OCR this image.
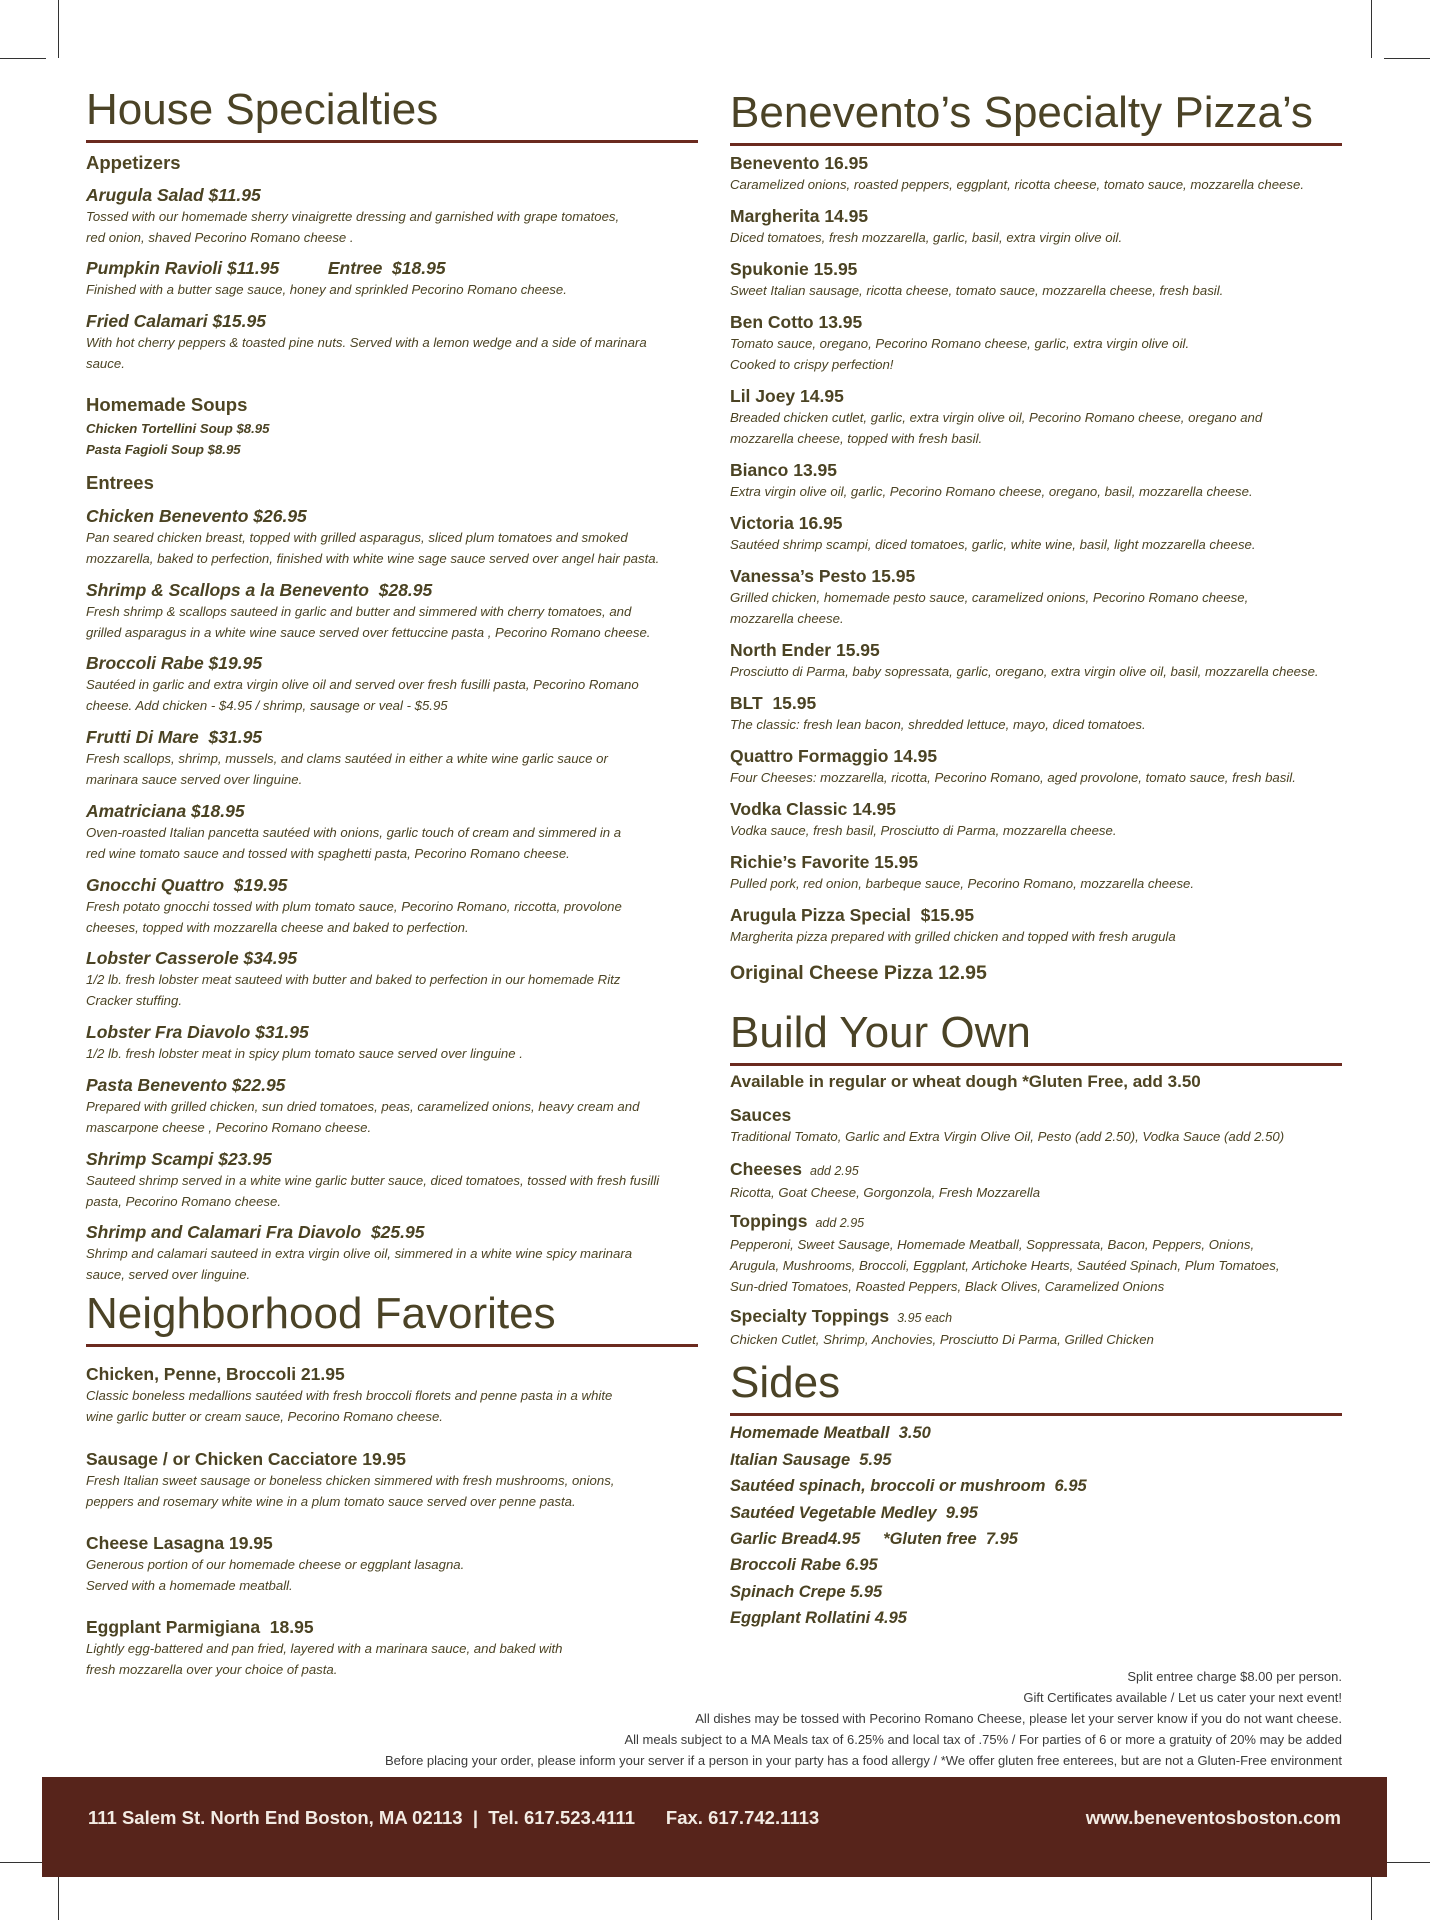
House Specialties
Appetizers
Arugula Salad $11.95
Tossed with our homemade sherry vinaigrette dressing and garnished with grape tomatoes,
red onion, shaved Pecorino Romano cheese .
Pumpkin Ravioli $11.95          Entree  $18.95
Finished with a butter sage sauce, honey and sprinkled Pecorino Romano cheese.
Fried Calamari $15.95
With hot cherry peppers & toasted pine nuts. Served with a lemon wedge and a side of marinara
sauce.
Homemade Soups
Chicken Tortellini Soup $8.95
Pasta Fagioli Soup $8.95
Entrees
Chicken Benevento $26.95
Pan seared chicken breast, topped with grilled asparagus, sliced plum tomatoes and smoked
mozzarella, baked to perfection, finished with white wine sage sauce served over angel hair pasta.
Shrimp & Scallops a la Benevento  $28.95
Fresh shrimp & scallops sauteed in garlic and butter and simmered with cherry tomatoes, and
grilled asparagus in a white wine sauce served over fettuccine pasta , Pecorino Romano cheese.
Broccoli Rabe $19.95
Sautéed in garlic and extra virgin olive oil and served over fresh fusilli pasta, Pecorino Romano
cheese. Add chicken - $4.95 / shrimp, sausage or veal - $5.95
Frutti Di Mare  $31.95
Fresh scallops, shrimp, mussels, and clams sautéed in either a white wine garlic sauce or
marinara sauce served over linguine.
Amatriciana $18.95
Oven-roasted Italian pancetta sautéed with onions, garlic touch of cream and simmered in a
red wine tomato sauce and tossed with spaghetti pasta, Pecorino Romano cheese.
Gnocchi Quattro  $19.95
Fresh potato gnocchi tossed with plum tomato sauce, Pecorino Romano, riccotta, provolone
cheeses, topped with mozzarella cheese and baked to perfection.
Lobster Casserole $34.95
1/2 lb. fresh lobster meat sauteed with butter and baked to perfection in our homemade Ritz
Cracker stuffing.
Lobster Fra Diavolo $31.95
1/2 lb. fresh lobster meat in spicy plum tomato sauce served over linguine .
Pasta Benevento $22.95
Prepared with grilled chicken, sun dried tomatoes, peas, caramelized onions, heavy cream and
mascarpone cheese , Pecorino Romano cheese.
Shrimp Scampi $23.95
Sauteed shrimp served in a white wine garlic butter sauce, diced tomatoes, tossed with fresh fusilli
pasta, Pecorino Romano cheese.
Shrimp and Calamari Fra Diavolo  $25.95
Shrimp and calamari sauteed in extra virgin olive oil, simmered in a white wine spicy marinara
sauce, served over linguine.
Neighborhood Favorites
Chicken, Penne, Broccoli 21.95
Classic boneless medallions sautéed with fresh broccoli florets and penne pasta in a white
wine garlic butter or cream sauce, Pecorino Romano cheese.
Sausage / or Chicken Cacciatore 19.95
Fresh Italian sweet sausage or boneless chicken simmered with fresh mushrooms, onions,
peppers and rosemary white wine in a plum tomato sauce served over penne pasta.
Cheese Lasagna 19.95
Generous portion of our homemade cheese or eggplant lasagna.
Served with a homemade meatball.
Eggplant Parmigiana  18.95
Lightly egg-battered and pan fried, layered with a marinara sauce, and baked with
fresh mozzarella over your choice of pasta.
Benevento’s Specialty Pizza’s
Benevento 16.95
Caramelized onions, roasted peppers, eggplant, ricotta cheese, tomato sauce, mozzarella cheese.
Margherita 14.95
Diced tomatoes, fresh mozzarella, garlic, basil, extra virgin olive oil.
Spukonie 15.95
Sweet Italian sausage, ricotta cheese, tomato sauce, mozzarella cheese, fresh basil.
Ben Cotto 13.95
Tomato sauce, oregano, Pecorino Romano cheese, garlic, extra virgin olive oil.
Cooked to crispy perfection!
Lil Joey 14.95
Breaded chicken cutlet, garlic, extra virgin olive oil, Pecorino Romano cheese, oregano and
mozzarella cheese, topped with fresh basil.
Bianco 13.95
Extra virgin olive oil, garlic, Pecorino Romano cheese, oregano, basil, mozzarella cheese.
Victoria 16.95
Sautéed shrimp scampi, diced tomatoes, garlic, white wine, basil, light mozzarella cheese.
Vanessa’s Pesto 15.95
Grilled chicken, homemade pesto sauce, caramelized onions, Pecorino Romano cheese,
mozzarella cheese.
North Ender 15.95
Prosciutto di Parma, baby sopressata, garlic, oregano, extra virgin olive oil, basil, mozzarella cheese.
BLT  15.95
The classic: fresh lean bacon, shredded lettuce, mayo, diced tomatoes.
Quattro Formaggio 14.95
Four Cheeses: mozzarella, ricotta, Pecorino Romano, aged provolone, tomato sauce, fresh basil.
Vodka Classic 14.95
Vodka sauce, fresh basil, Prosciutto di Parma, mozzarella cheese.
Richie’s Favorite 15.95
Pulled pork, red onion, barbeque sauce, Pecorino Romano, mozzarella cheese.
Arugula Pizza Special  $15.95
Margherita pizza prepared with grilled chicken and topped with fresh arugula
Original Cheese Pizza 12.95
Build Your Own
Available in regular or wheat dough *Gluten Free, add 3.50
Sauces
Traditional Tomato, Garlic and Extra Virgin Olive Oil, Pesto (add 2.50), Vodka Sauce (add 2.50)
Cheeses add 2.95
Ricotta, Goat Cheese, Gorgonzola, Fresh Mozzarella
Toppings add 2.95
Pepperoni, Sweet Sausage, Homemade Meatball, Soppressata, Bacon, Peppers, Onions,
Arugula, Mushrooms, Broccoli, Eggplant, Artichoke Hearts, Sautéed Spinach, Plum Tomatoes,
Sun-dried Tomatoes, Roasted Peppers, Black Olives, Caramelized Onions
Specialty Toppings 3.95 each
Chicken Cutlet, Shrimp, Anchovies, Prosciutto Di Parma, Grilled Chicken
Sides
Homemade Meatball  3.50
Italian Sausage  5.95
Sautéed spinach, broccoli or mushroom  6.95
Sautéed Vegetable Medley  9.95
Garlic Bread4.95     *Gluten free  7.95
Broccoli Rabe 6.95
Spinach Crepe 5.95
Eggplant Rollatini 4.95
Split entree charge $8.00 per person.
Gift Certificates available / Let us cater your next event!
All dishes may be tossed with Pecorino Romano Cheese, please let your server know if you do not want cheese.
All meals subject to a MA Meals tax of 6.25% and local tax of .75% / For parties of 6 or more a gratuity of 20% may be added
Before placing your order, please inform your server if a person in your party has a food allergy / *We offer gluten free enterees, but are not a Gluten-Free environment
111 Salem St. North End Boston, MA 02113  |  Tel. 617.523.4111      Fax. 617.742.1113	www.beneventosboston.com
